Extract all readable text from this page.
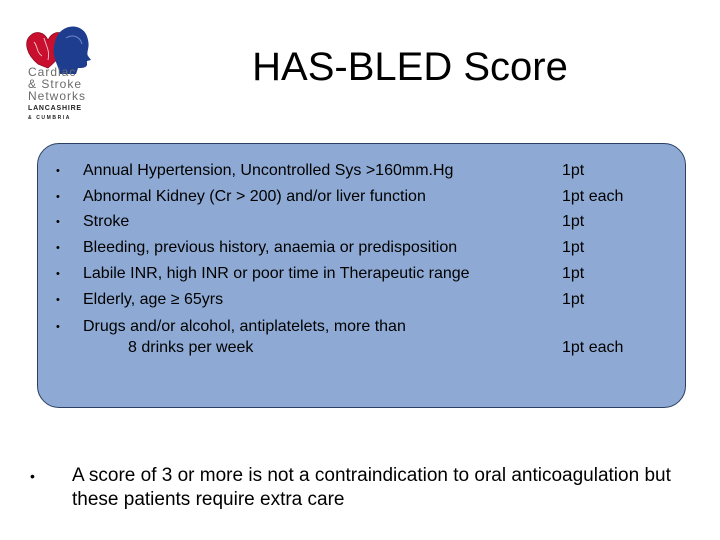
Cardiac
& Stroke
Networks
LANCASHIRE
& CUMBRIA
HAS-BLED Score
• Annual Hypertension, Uncontrolled Sys >160mm.Hg	1pt
• Abnormal Kidney (Cr > 200) and/or liver function	1pt each
• Stroke	1pt
• Bleeding, previous history, anaemia or predisposition	1pt
• Labile INR, high INR or poor time in Therapeutic range	1pt
• Elderly, age ≥ 65yrs	1pt
• Drugs and/or alcohol, antiplatelets, more than
8 drinks per week	1pt each
• A score of 3 or more is not a contraindication to oral anticoagulation but these patients require extra care
